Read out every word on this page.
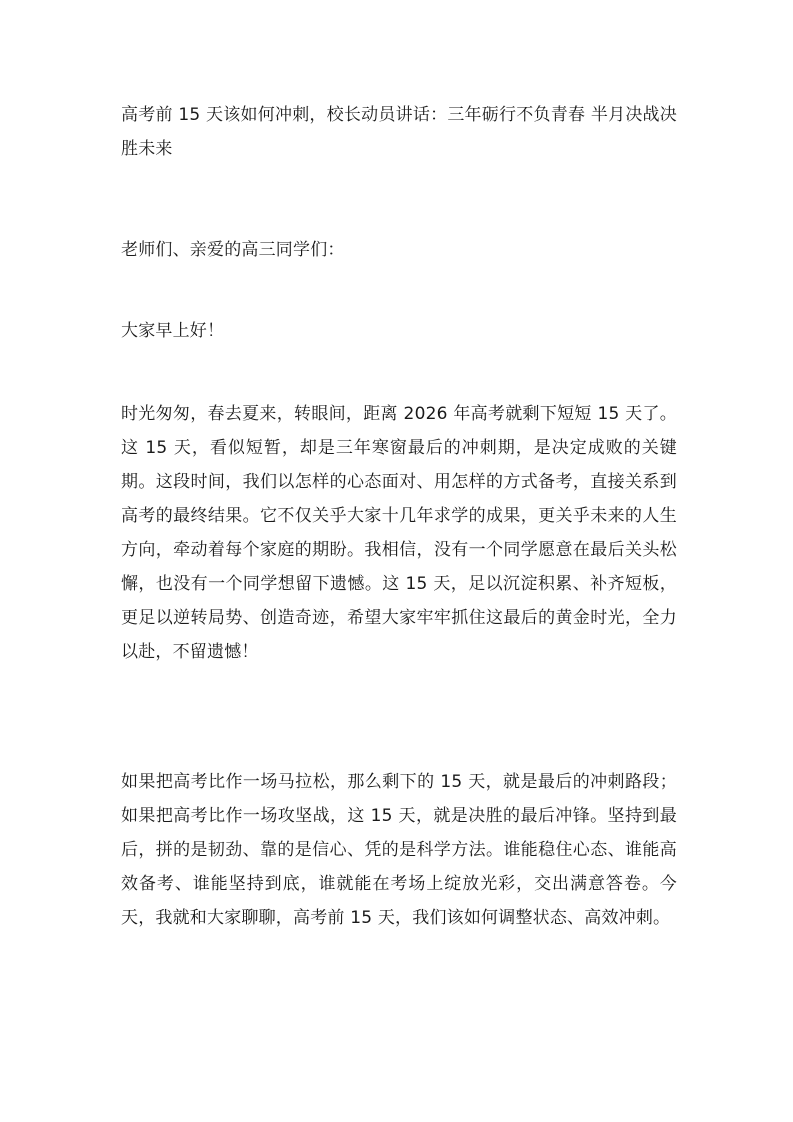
高考前 15 天该如何冲刺，校长动员讲话：三年砺行不负青春 半月决战决胜未来
老师们、亲爱的高三同学们：
大家早上好！
时光匆匆，春去夏来，转眼间，距离 2026 年高考就剩下短短 15 天了。这 15 天，看似短暂，却是三年寒窗最后的冲刺期，是决定成败的关键期。这段时间，我们以怎样的心态面对、用怎样的方式备考，直接关系到高考的最终结果。它不仅关乎大家十几年求学的成果，更关乎未来的人生方向，牵动着每个家庭的期盼。我相信，没有一个同学愿意在最后关头松懈，也没有一个同学想留下遗憾。这 15 天，足以沉淀积累、补齐短板，更足以逆转局势、创造奇迹，希望大家牢牢抓住这最后的黄金时光，全力以赴，不留遗憾！
如果把高考比作一场马拉松，那么剩下的 15 天，就是最后的冲刺路段；如果把高考比作一场攻坚战，这 15 天，就是决胜的最后冲锋。坚持到最后，拼的是韧劲、靠的是信心、凭的是科学方法。谁能稳住心态、谁能高效备考、谁能坚持到底，谁就能在考场上绽放光彩，交出满意答卷。今天，我就和大家聊聊，高考前 15 天，我们该如何调整状态、高效冲刺。
